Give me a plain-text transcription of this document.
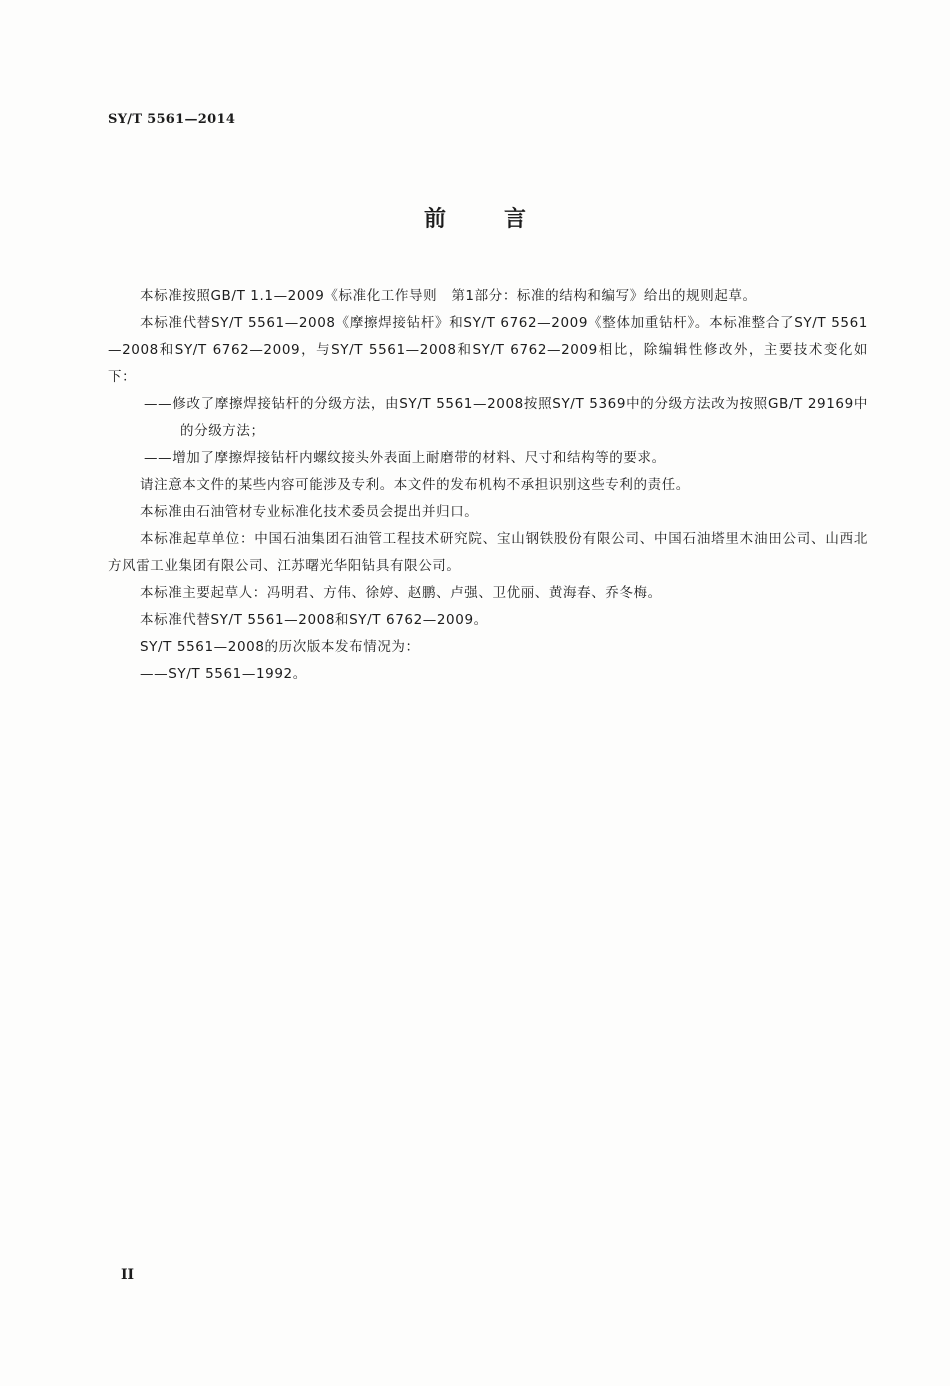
SY/T 5561—2014
前言

本标准按照GB/T 1.1—2009《标准化工作导则　第1部分：标准的结构和编写》给出的规则起草。

本标准代替SY/T 5561—2008《摩擦焊接钻杆》和SY/T 6762—2009《整体加重钻杆》。本标准整合了SY/T 5561—2008和SY/T 6762—2009，与SY/T 5561—2008和SY/T 6762—2009相比，除编辑性修改外，主要技术变化如下：

——修改了摩擦焊接钻杆的分级方法，由SY/T 5561—2008按照SY/T 5369中的分级方法改为按照GB/T 29169中的分级方法；

——增加了摩擦焊接钻杆内螺纹接头外表面上耐磨带的材料、尺寸和结构等的要求。

请注意本文件的某些内容可能涉及专利。本文件的发布机构不承担识别这些专利的责任。

本标准由石油管材专业标准化技术委员会提出并归口。

本标准起草单位：中国石油集团石油管工程技术研究院、宝山钢铁股份有限公司、中国石油塔里木油田公司、山西北方风雷工业集团有限公司、江苏曙光华阳钻具有限公司。

本标准主要起草人：冯明君、方伟、徐婷、赵鹏、卢强、卫优丽、黄海春、乔冬梅。

本标准代替SY/T 5561—2008和SY/T 6762—2009。

SY/T 5561—2008的历次版本发布情况为：

——SY/T 5561—1992。

II
